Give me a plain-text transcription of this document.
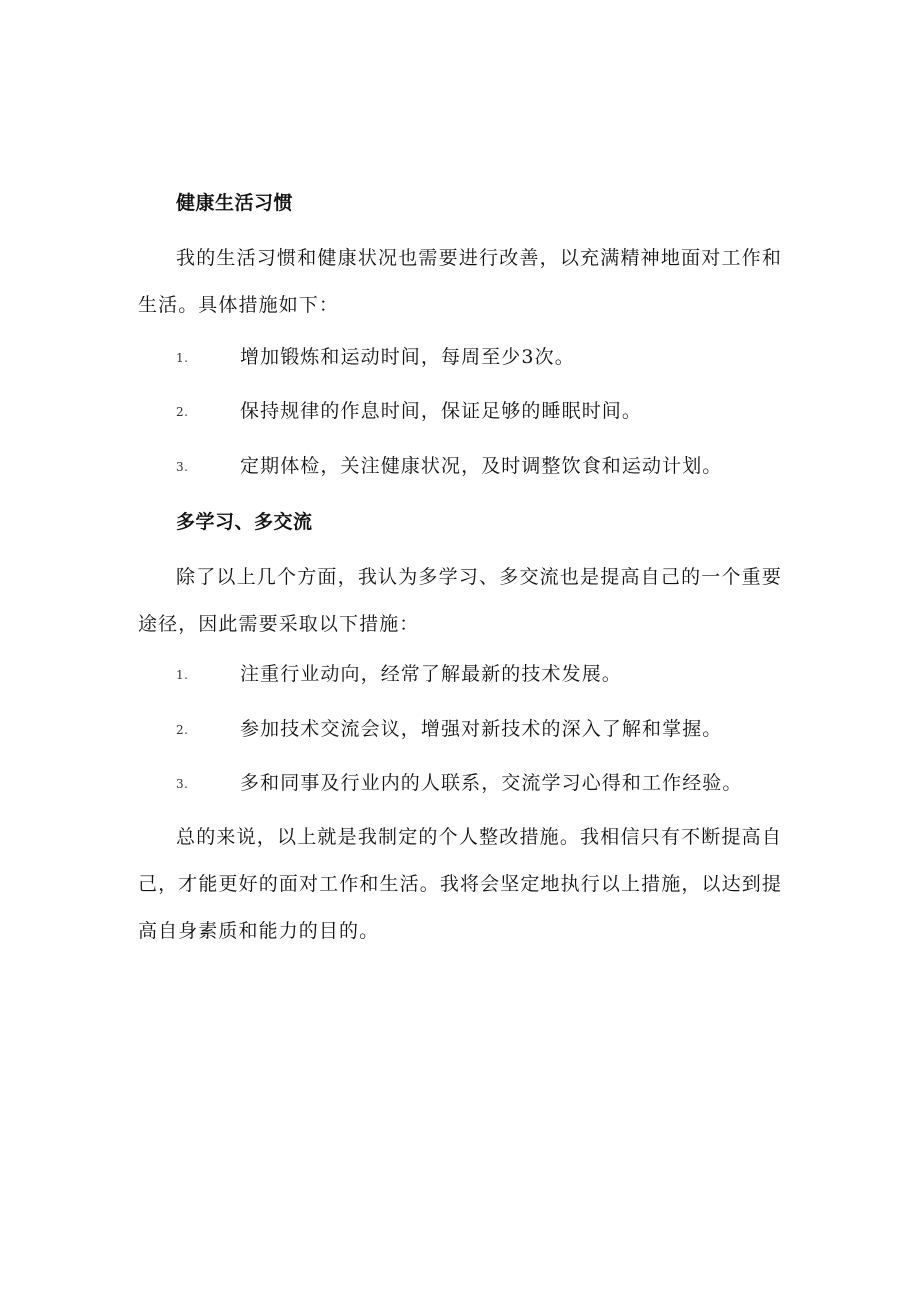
健康生活习惯
我的生活习惯和健康状况也需要进行改善，以充满精神地面对工作和生活。具体措施如下：
1.	增加锻炼和运动时间，每周至少3次。
2.	保持规律的作息时间，保证足够的睡眠时间。
3.	定期体检，关注健康状况，及时调整饮食和运动计划。
多学习、多交流
除了以上几个方面，我认为多学习、多交流也是提高自己的一个重要途径，因此需要采取以下措施：
1.	注重行业动向，经常了解最新的技术发展。
2.	参加技术交流会议，增强对新技术的深入了解和掌握。
3.	多和同事及行业内的人联系，交流学习心得和工作经验。
总的来说，以上就是我制定的个人整改措施。我相信只有不断提高自己，才能更好的面对工作和生活。我将会坚定地执行以上措施，以达到提高自身素质和能力的目的。
